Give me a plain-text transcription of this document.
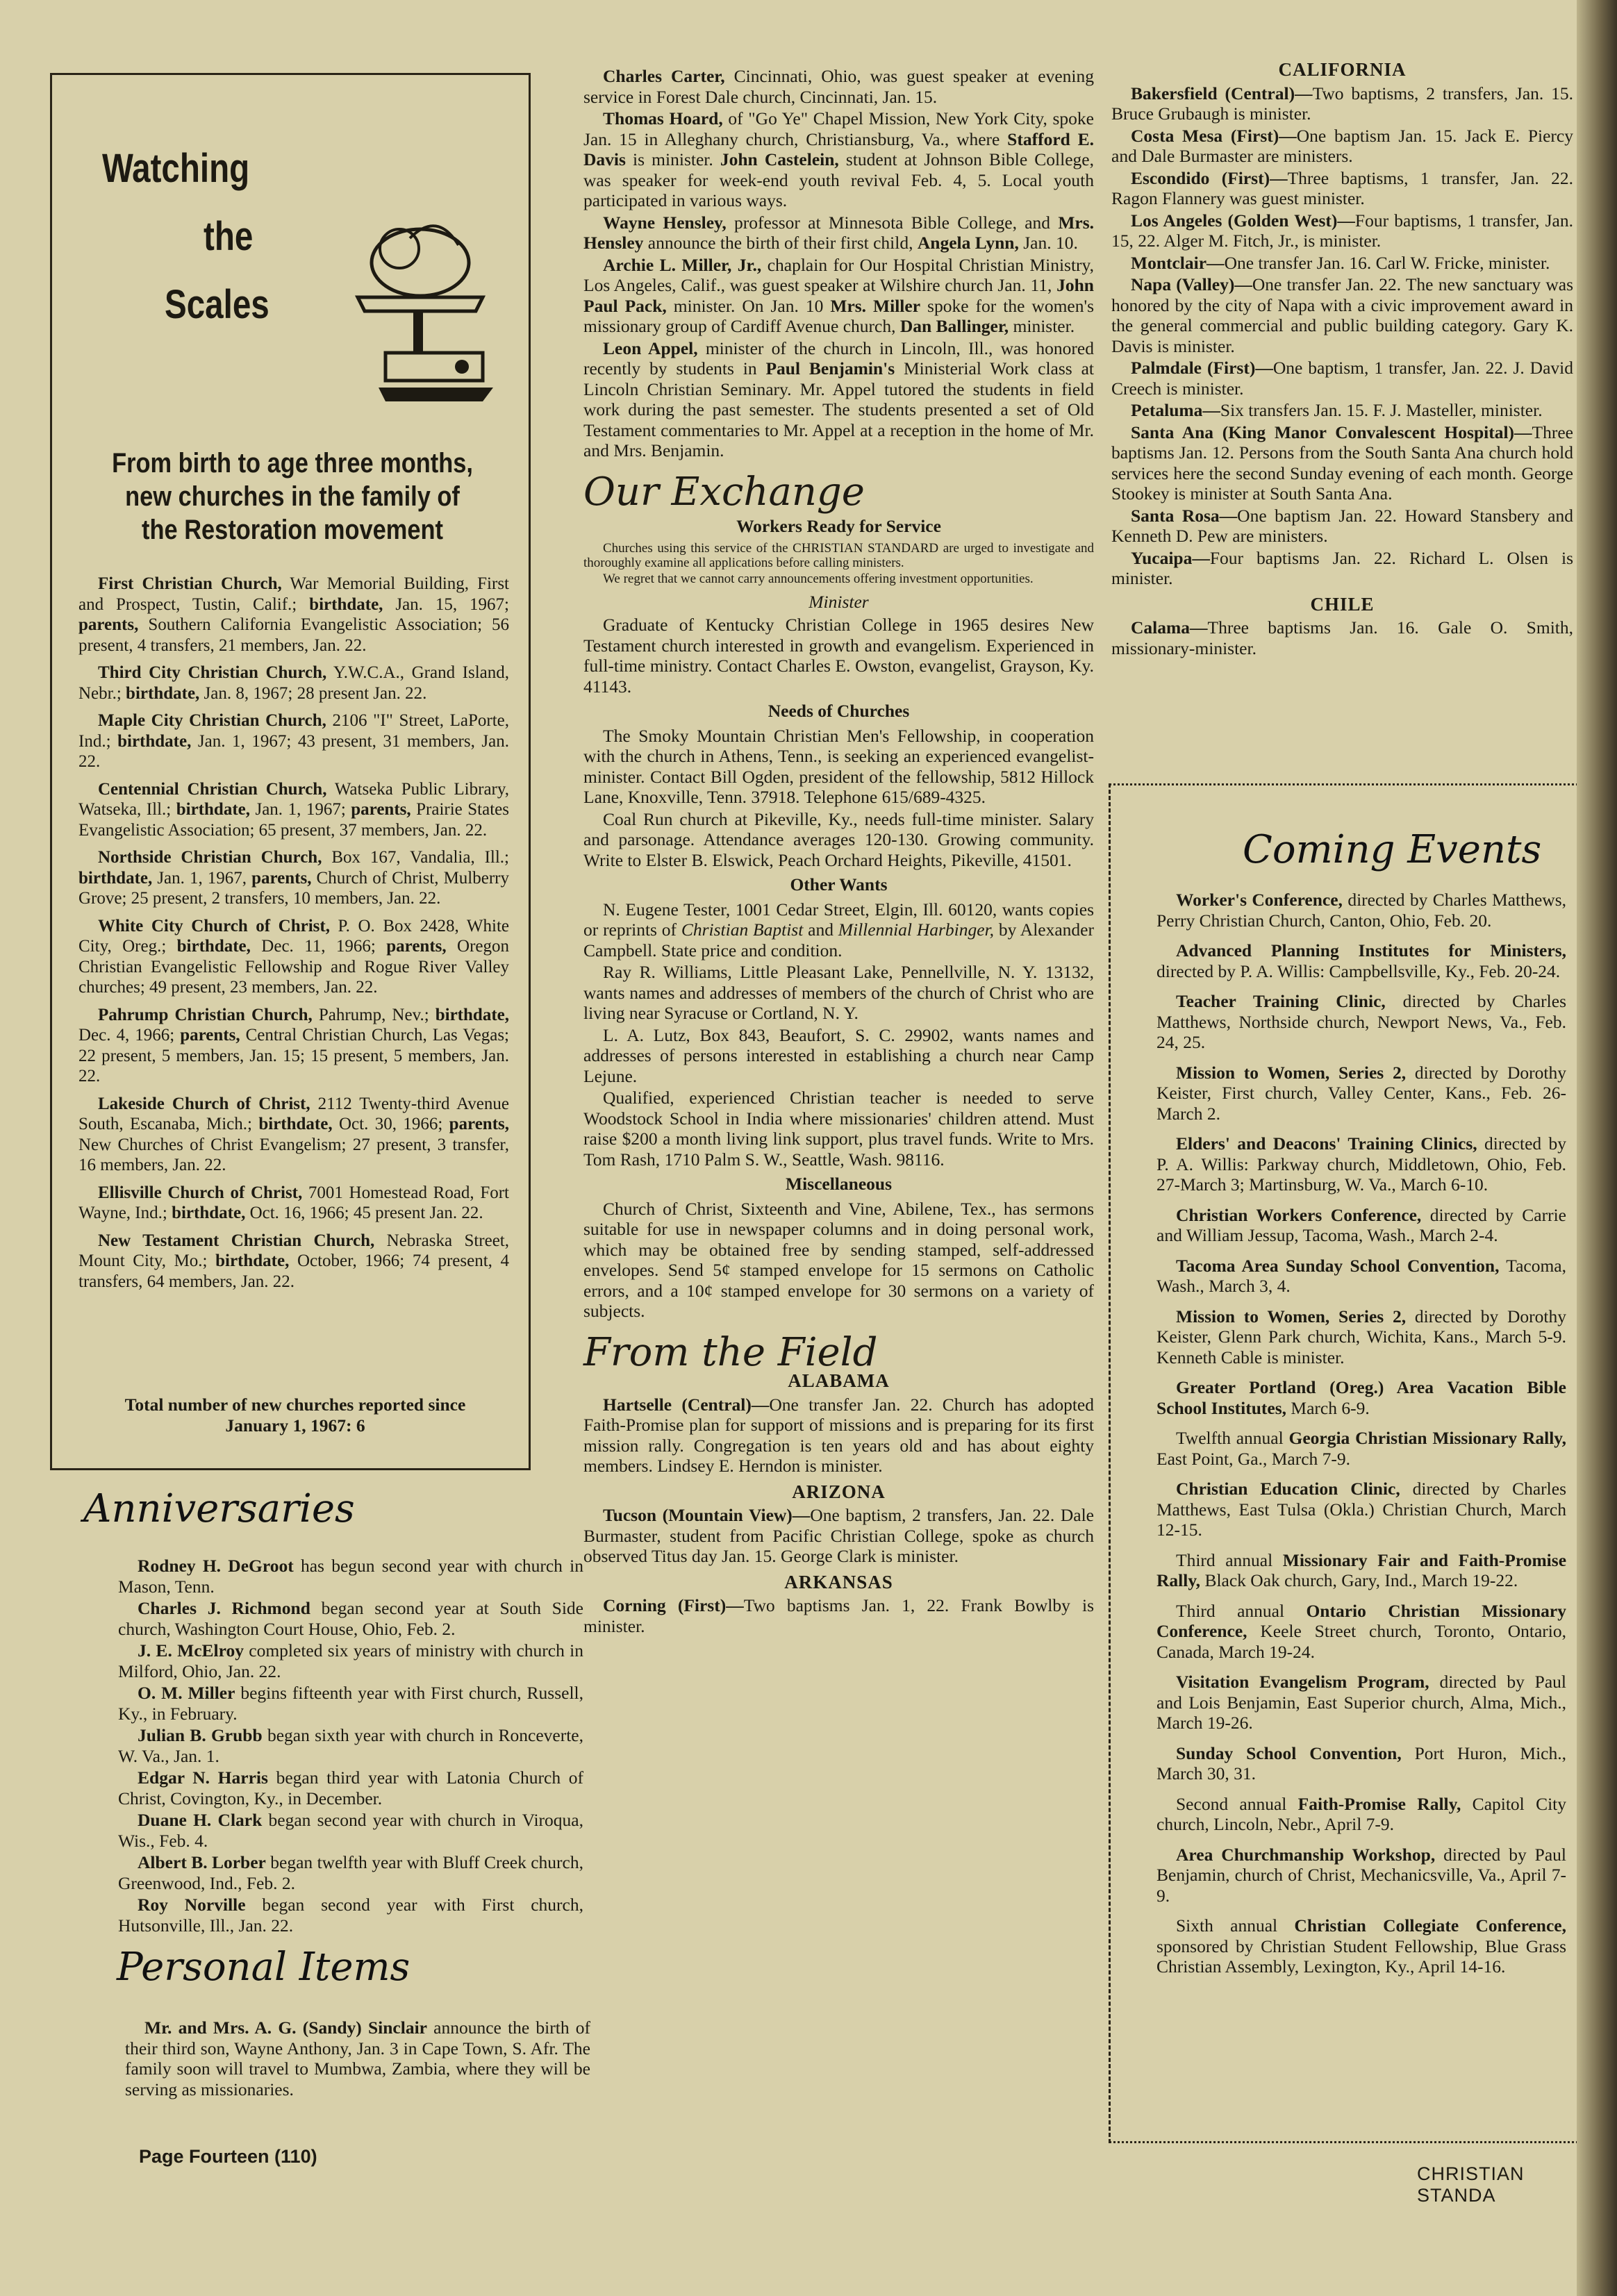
Watching
the
Scales
From birth to age three months, new churches in the family of the Restoration movement

First Christian Church, War Memorial Building, First and Prospect, Tustin, Calif.; birthdate, Jan. 15, 1967; parents, Southern California Evangelistic Association; 56 present, 4 transfers, 21 members, Jan. 22.

Third City Christian Church, Y.W.C.A., Grand Island, Nebr.; birthdate, Jan. 8, 1967; 28 present Jan. 22.

Maple City Christian Church, 2106 "I" Street, LaPorte, Ind.; birthdate, Jan. 1, 1967; 43 present, 31 members, Jan. 22.

Centennial Christian Church, Watseka Public Library, Watseka, Ill.; birthdate, Jan. 1, 1967; parents, Prairie States Evangelistic Association; 65 present, 37 members, Jan. 22.

Northside Christian Church, Box 167, Vandalia, Ill.; birthdate, Jan. 1, 1967, parents, Church of Christ, Mulberry Grove; 25 present, 2 transfers, 10 members, Jan. 22.

White City Church of Christ, P. O. Box 2428, White City, Oreg.; birthdate, Dec. 11, 1966; parents, Oregon Christian Evangelistic Fellowship and Rogue River Valley churches; 49 present, 23 members, Jan. 22.

Pahrump Christian Church, Pahrump, Nev.; birthdate, Dec. 4, 1966; parents, Central Christian Church, Las Vegas; 22 present, 5 members, Jan. 15; 15 present, 5 members, Jan. 22.

Lakeside Church of Christ, 2112 Twenty-third Avenue South, Escanaba, Mich.; birthdate, Oct. 30, 1966; parents, New Churches of Christ Evangelism; 27 present, 3 transfer, 16 members, Jan. 22.

Ellisville Church of Christ, 7001 Homestead Road, Fort Wayne, Ind.; birthdate, Oct. 16, 1966; 45 present Jan. 22.

New Testament Christian Church, Nebraska Street, Mount City, Mo.; birthdate, October, 1966; 74 present, 4 transfers, 64 members, Jan. 22.

Total number of new churches reported since January 1, 1967: 6
Anniversaries

Rodney H. DeGroot has begun second year with church in Mason, Tenn.

Charles J. Richmond began second year at South Side church, Washington Court House, Ohio, Feb. 2.

J. E. McElroy completed six years of ministry with church in Milford, Ohio, Jan. 22.

O. M. Miller begins fifteenth year with First church, Russell, Ky., in February.

Julian B. Grubb began sixth year with church in Ronceverte, W. Va., Jan. 1.

Edgar N. Harris began third year with Latonia Church of Christ, Covington, Ky., in December.

Duane H. Clark began second year with church in Viroqua, Wis., Feb. 4.

Albert B. Lorber began twelfth year with Bluff Creek church, Greenwood, Ind., Feb. 2.

Roy Norville began second year with First church, Hutsonville, Ill., Jan. 22.

Personal Items

Mr. and Mrs. A. G. (Sandy) Sinclair announce the birth of their third son, Wayne Anthony, Jan. 3 in Cape Town, S. Afr. The family soon will travel to Mumbwa, Zambia, where they will be serving as missionaries.

Charles Carter, Cincinnati, Ohio, was guest speaker at evening service in Forest Dale church, Cincinnati, Jan. 15.

Thomas Hoard, of "Go Ye" Chapel Mission, New York City, spoke Jan. 15 in Alleghany church, Christiansburg, Va., where Stafford E. Davis is minister. John Castelein, student at Johnson Bible College, was speaker for week-end youth revival Feb. 4, 5. Local youth participated in various ways.

Wayne Hensley, professor at Minnesota Bible College, and Mrs. Hensley announce the birth of their first child, Angela Lynn, Jan. 10.

Archie L. Miller, Jr., chaplain for Our Hospital Christian Ministry, Los Angeles, Calif., was guest speaker at Wilshire church Jan. 11, John Paul Pack, minister. On Jan. 10 Mrs. Miller spoke for the women's missionary group of Cardiff Avenue church, Dan Ballinger, minister.

Leon Appel, minister of the church in Lincoln, Ill., was honored recently by students in Paul Benjamin's Ministerial Work class at Lincoln Christian Seminary. Mr. Appel tutored the students in field work during the past semester. The students presented a set of Old Testament commentaries to Mr. Appel at a reception in the home of Mr. and Mrs. Benjamin.

Our Exchange
Workers Ready for Service

Churches using this service of the CHRISTIAN STANDARD are urged to investigate and thoroughly examine all applications before calling ministers.

We regret that we cannot carry announcements offering investment opportunities.

Minister

Graduate of Kentucky Christian College in 1965 desires New Testament church interested in growth and evangelism. Experienced in full-time ministry. Contact Charles E. Owston, evangelist, Grayson, Ky. 41143.

Needs of Churches

The Smoky Mountain Christian Men's Fellowship, in cooperation with the church in Athens, Tenn., is seeking an experienced evangelist-minister. Contact Bill Ogden, president of the fellowship, 5812 Hillock Lane, Knoxville, Tenn. 37918. Telephone 615/689-4325.

Coal Run church at Pikeville, Ky., needs full-time minister. Salary and parsonage. Attendance averages 120-130. Growing community. Write to Elster B. Elswick, Peach Orchard Heights, Pikeville, 41501.

Other Wants

N. Eugene Tester, 1001 Cedar Street, Elgin, Ill. 60120, wants copies or reprints of Christian Baptist and Millennial Harbinger, by Alexander Campbell. State price and condition.

Ray R. Williams, Little Pleasant Lake, Pennellville, N. Y. 13132, wants names and addresses of members of the church of Christ who are living near Syracuse or Cortland, N. Y.

L. A. Lutz, Box 843, Beaufort, S. C. 29902, wants names and addresses of persons interested in establishing a church near Camp Lejune.

Qualified, experienced Christian teacher is needed to serve Woodstock School in India where missionaries' children attend. Must raise $200 a month living link support, plus travel funds. Write to Mrs. Tom Rash, 1710 Palm S. W., Seattle, Wash. 98116.

Miscellaneous

Church of Christ, Sixteenth and Vine, Abilene, Tex., has sermons suitable for use in newspaper columns and in doing personal work, which may be obtained free by sending stamped, self-addressed envelopes. Send 5¢ stamped envelope for 15 sermons on Catholic errors, and a 10¢ stamped envelope for 30 sermons on a variety of subjects.

From the Field
ALABAMA

Hartselle (Central)—One transfer Jan. 22. Church has adopted Faith-Promise plan for support of missions and is preparing for its first mission rally. Congregation is ten years old and has about eighty members. Lindsey E. Herndon is minister.

ARIZONA

Tucson (Mountain View)—One baptism, 2 transfers, Jan. 22. Dale Burmaster, student from Pacific Christian College, spoke as church observed Titus day Jan. 15. George Clark is minister.

ARKANSAS

Corning (First)—Two baptisms Jan. 1, 22. Frank Bowlby is minister.

CALIFORNIA

Bakersfield (Central)—Two baptisms, 2 transfers, Jan. 15. Bruce Grubaugh is minister.

Costa Mesa (First)—One baptism Jan. 15. Jack E. Piercy and Dale Burmaster are ministers.

Escondido (First)—Three baptisms, 1 transfer, Jan. 22. Ragon Flannery was guest minister.

Los Angeles (Golden West)—Four baptisms, 1 transfer, Jan. 15, 22. Alger M. Fitch, Jr., is minister.

Montclair—One transfer Jan. 16. Carl W. Fricke, minister.

Napa (Valley)—One transfer Jan. 22. The new sanctuary was honored by the city of Napa with a civic improvement award in the general commercial and public building category. Gary K. Davis is minister.

Palmdale (First)—One baptism, 1 transfer, Jan. 22. J. David Creech is minister.

Petaluma—Six transfers Jan. 15. F. J. Masteller, minister.

Santa Ana (King Manor Convalescent Hospital)—Three baptisms Jan. 12. Persons from the South Santa Ana church hold services here the second Sunday evening of each month. George Stookey is minister at South Santa Ana.

Santa Rosa—One baptism Jan. 22. Howard Stansbery and Kenneth D. Pew are ministers.

Yucaipa—Four baptisms Jan. 22. Richard L. Olsen is minister.

CHILE

Calama—Three baptisms Jan. 16. Gale O. Smith, missionary-minister.

Coming Events

Worker's Conference, directed by Charles Matthews, Perry Christian Church, Canton, Ohio, Feb. 20.

Advanced Planning Institutes for Ministers, directed by P. A. Willis: Campbellsville, Ky., Feb. 20-24.

Teacher Training Clinic, directed by Charles Matthews, Northside church, Newport News, Va., Feb. 24, 25.

Mission to Women, Series 2, directed by Dorothy Keister, First church, Valley Center, Kans., Feb. 26-March 2.

Elders' and Deacons' Training Clinics, directed by P. A. Willis: Parkway church, Middletown, Ohio, Feb. 27-March 3; Martinsburg, W. Va., March 6-10.

Christian Workers Conference, directed by Carrie and William Jessup, Tacoma, Wash., March 2-4.

Tacoma Area Sunday School Convention, Tacoma, Wash., March 3, 4.

Mission to Women, Series 2, directed by Dorothy Keister, Glenn Park church, Wichita, Kans., March 5-9. Kenneth Cable is minister.

Greater Portland (Oreg.) Area Vacation Bible School Institutes, March 6-9.

Twelfth annual Georgia Christian Missionary Rally, East Point, Ga., March 7-9.

Christian Education Clinic, directed by Charles Matthews, East Tulsa (Okla.) Christian Church, March 12-15.

Third annual Missionary Fair and Faith-Promise Rally, Black Oak church, Gary, Ind., March 19-22.

Third annual Ontario Christian Missionary Conference, Keele Street church, Toronto, Ontario, Canada, March 19-24.

Visitation Evangelism Program, directed by Paul and Lois Benjamin, East Superior church, Alma, Mich., March 19-26.

Sunday School Convention, Port Huron, Mich., March 30, 31.

Second annual Faith-Promise Rally, Capitol City church, Lincoln, Nebr., April 7-9.

Area Churchmanship Workshop, directed by Paul Benjamin, church of Christ, Mechanicsville, Va., April 7-9.

Sixth annual Christian Collegiate Conference, sponsored by Christian Student Fellowship, Blue Grass Christian Assembly, Lexington, Ky., April 14-16.

Page Fourteen (110)
CHRISTIAN STANDA
